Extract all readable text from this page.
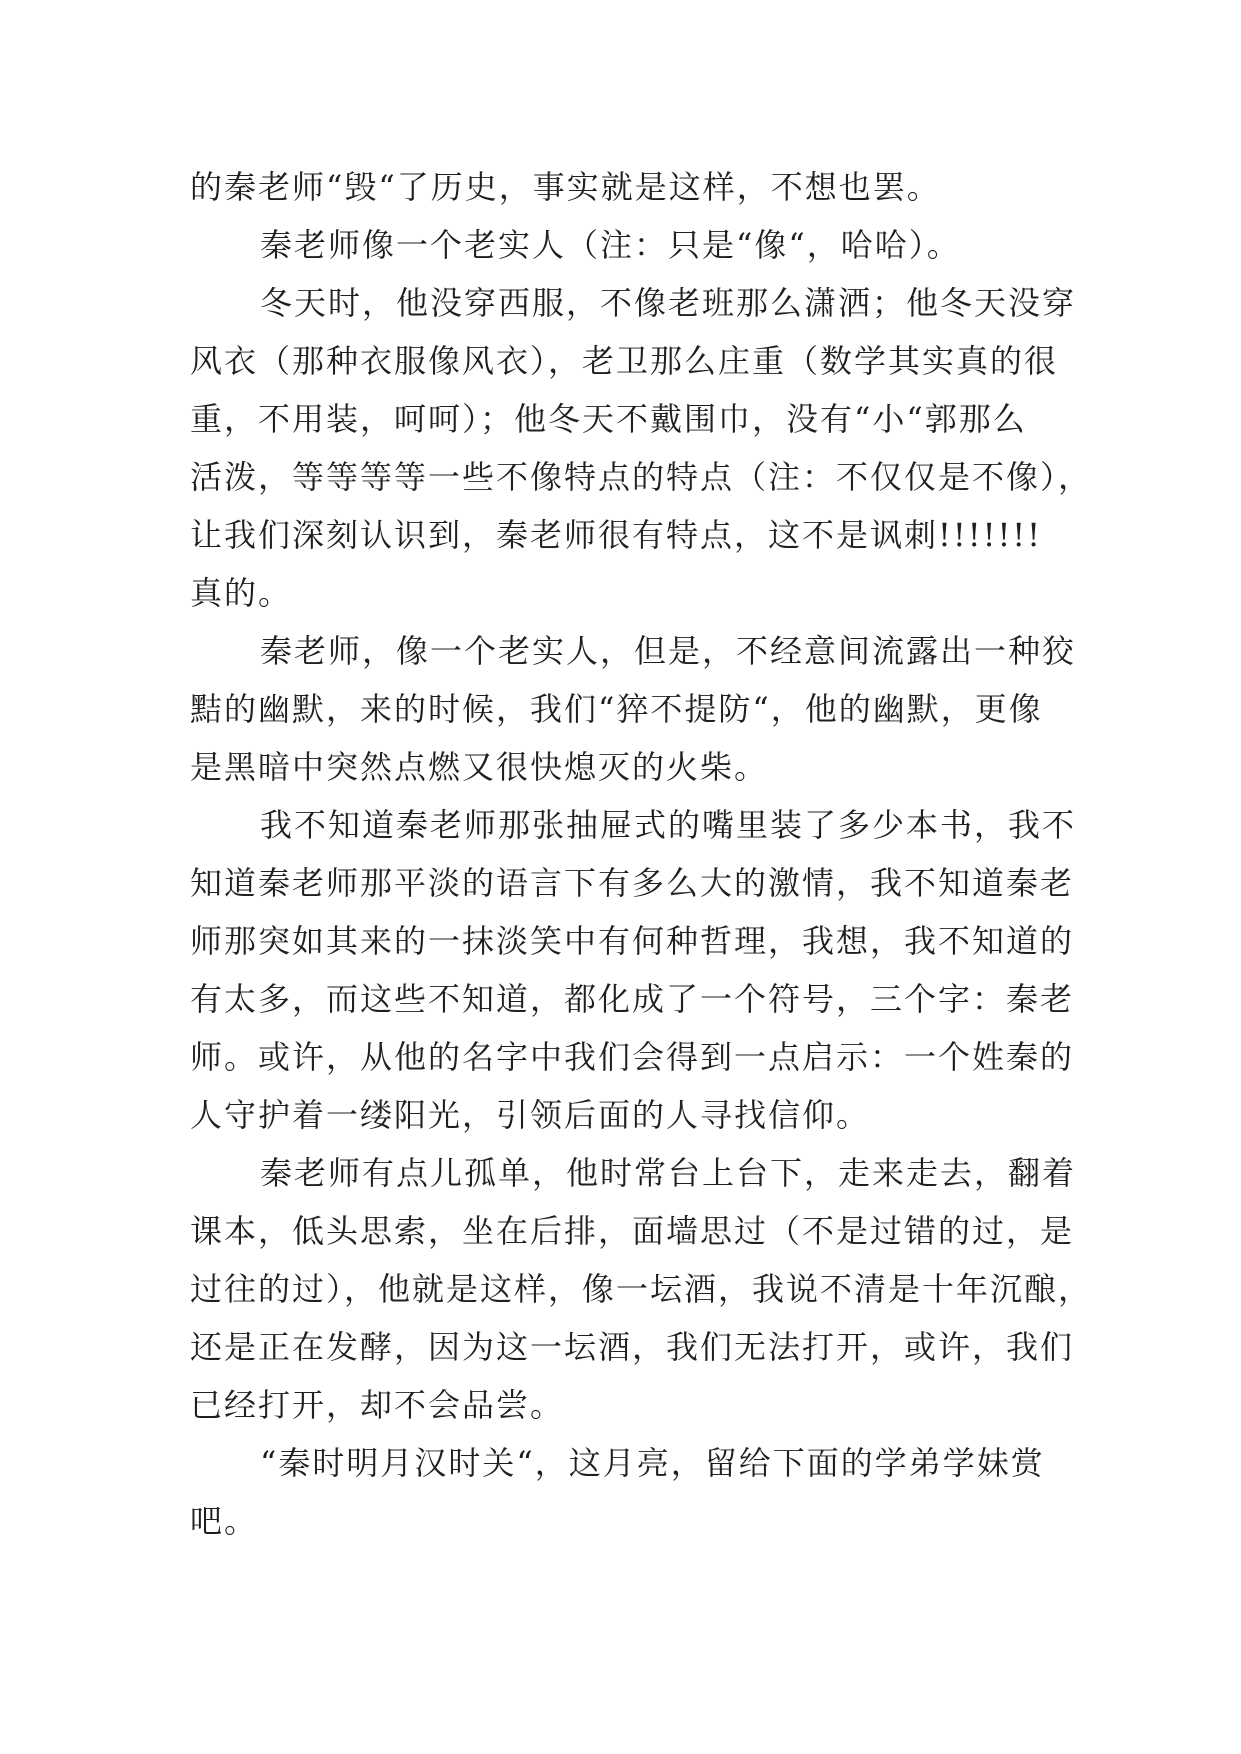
的秦老师“毁“了历史，事实就是这样，不想也罢。
秦老师像一个老实人（注：只是“像“，哈哈）。
冬天时，他没穿西服，不像老班那么潇洒；他冬天没穿
风衣（那种衣服像风衣），老卫那么庄重（数学其实真的很
重，不用装，呵呵）；他冬天不戴围巾，没有“小“郭那么
活泼，等等等等一些不像特点的特点（注：不仅仅是不像），
让我们深刻认识到，秦老师很有特点，这不是讽刺!!!!!!!
真的。
秦老师，像一个老实人，但是，不经意间流露出一种狡
黠的幽默，来的时候，我们“猝不提防“，他的幽默，更像
是黑暗中突然点燃又很快熄灭的火柴。
我不知道秦老师那张抽屉式的嘴里装了多少本书，我不
知道秦老师那平淡的语言下有多么大的激情，我不知道秦老
师那突如其来的一抹淡笑中有何种哲理，我想，我不知道的
有太多，而这些不知道，都化成了一个符号，三个字：秦老
师。或许，从他的名字中我们会得到一点启示：一个姓秦的
人守护着一缕阳光，引领后面的人寻找信仰。
秦老师有点儿孤单，他时常台上台下，走来走去，翻着
课本，低头思索，坐在后排，面墙思过（不是过错的过，是
过往的过），他就是这样，像一坛酒，我说不清是十年沉酿，
还是正在发酵，因为这一坛酒，我们无法打开，或许，我们
已经打开，却不会品尝。
“秦时明月汉时关“，这月亮，留给下面的学弟学妹赏
吧。
